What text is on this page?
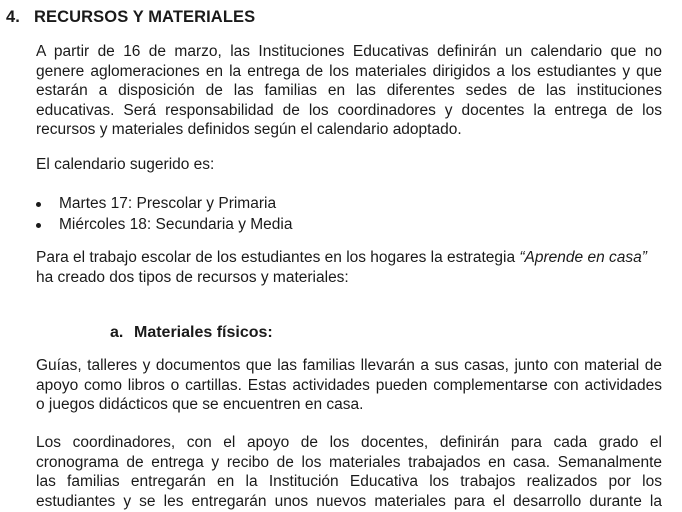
4. RECURSOS Y MATERIALES
A partir de 16 de marzo, las Instituciones Educativas definirán un calendario que no
genere aglomeraciones en la entrega de los materiales dirigidos a los estudiantes y que
estarán a disposición de las familias en las diferentes sedes de las instituciones
educativas. Será responsabilidad de los coordinadores y docentes la entrega de los
recursos y materiales definidos según el calendario adoptado.
El calendario sugerido es:
Martes 17: Prescolar y Primaria
Miércoles 18: Secundaria y Media
Para el trabajo escolar de los estudiantes en los hogares la estrategia “Aprende en casa”
ha creado dos tipos de recursos y materiales:
a. Materiales físicos:
Guías, talleres y documentos que las familias llevarán a sus casas, junto con material de
apoyo como libros o cartillas. Estas actividades pueden complementarse con actividades
o juegos didácticos que se encuentren en casa.
Los coordinadores, con el apoyo de los docentes, definirán para cada grado el
cronograma de entrega y recibo de los materiales trabajados en casa. Semanalmente
las familias entregarán en la Institución Educativa los trabajos realizados por los
estudiantes y se les entregarán unos nuevos materiales para el desarrollo durante la
